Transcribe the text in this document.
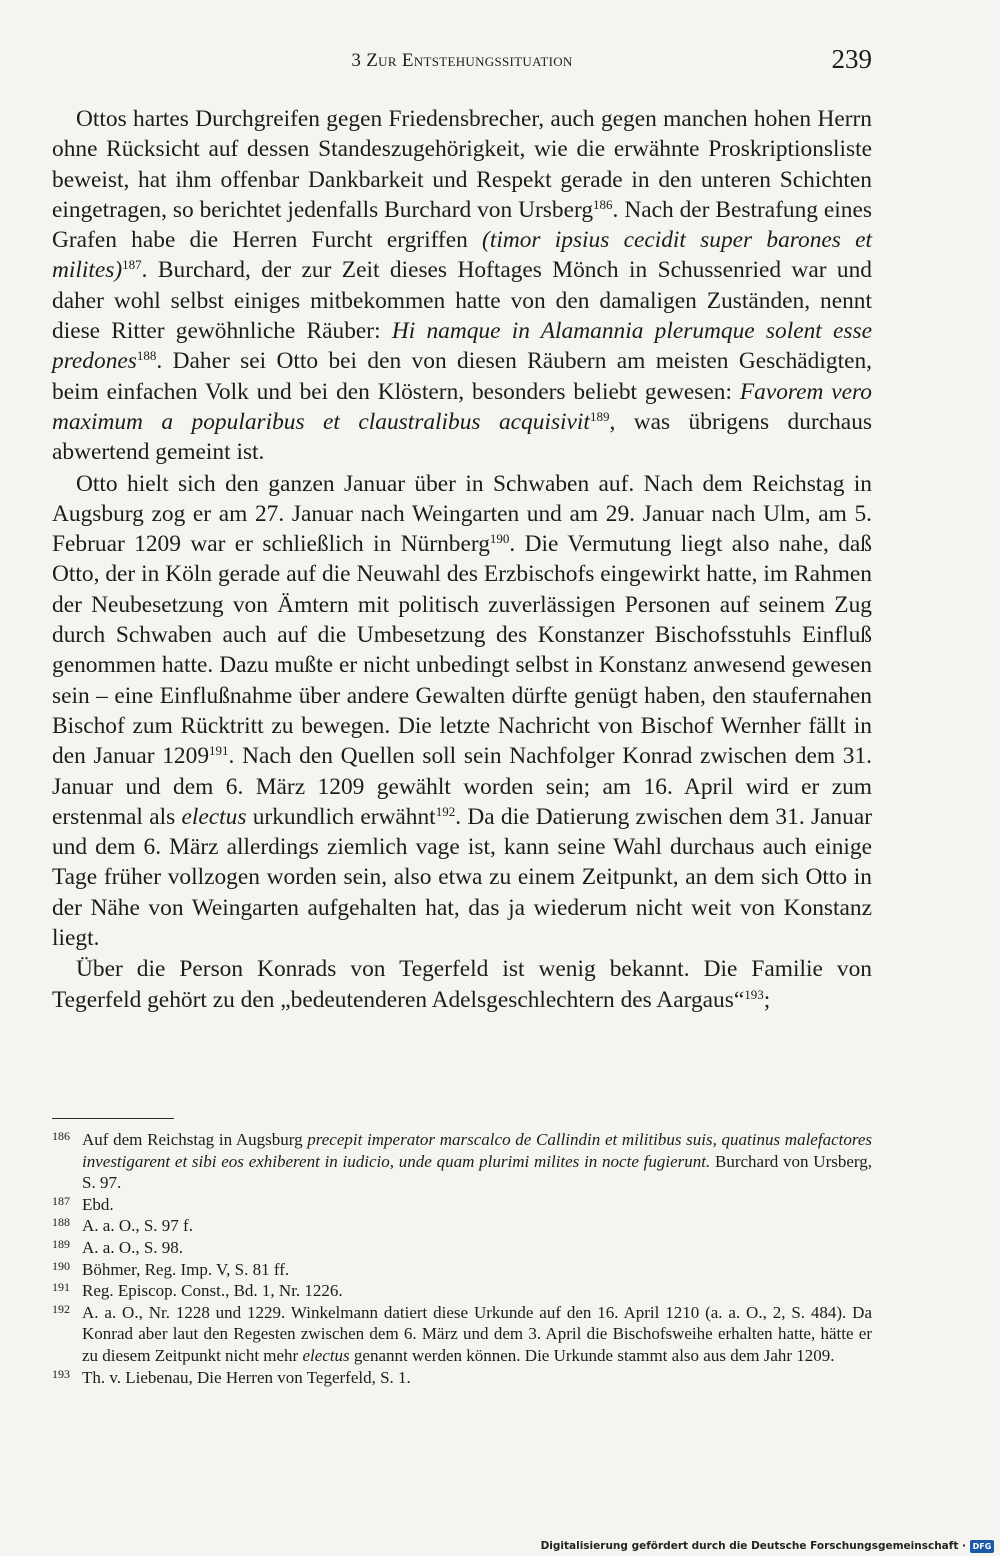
3 Zur Entstehungssituation	239

Ottos hartes Durchgreifen gegen Friedensbrecher, auch gegen manchen hohen Herrn ohne Rücksicht auf dessen Standeszugehörigkeit, wie die erwähnte Proskriptionsliste beweist, hat ihm offenbar Dankbarkeit und Respekt gerade in den unteren Schichten eingetragen, so berichtet jedenfalls Burchard von Ursberg$^{186}$. Nach der Bestrafung eines Grafen habe die Herren Furcht ergriffen (timor ipsius cecidit super barones et milites)$^{187}$. Burchard, der zur Zeit dieses Hoftages Mönch in Schussenried war und daher wohl selbst einiges mitbekommen hatte von den damaligen Zuständen, nennt diese Ritter gewöhnliche Räuber: Hi namque in Alamannia plerumque solent esse predones$^{188}$. Daher sei Otto bei den von diesen Räubern am meisten Geschädigten, beim einfachen Volk und bei den Klöstern, besonders beliebt gewesen: Favorem vero maximum a popularibus et claustralibus acquisivit$^{189}$, was übrigens durchaus abwertend gemeint ist.

Otto hielt sich den ganzen Januar über in Schwaben auf. Nach dem Reichstag in Augsburg zog er am 27. Januar nach Weingarten und am 29. Januar nach Ulm, am 5. Februar 1209 war er schließlich in Nürnberg$^{190}$. Die Vermutung liegt also nahe, daß Otto, der in Köln gerade auf die Neuwahl des Erzbischofs eingewirkt hatte, im Rahmen der Neubesetzung von Ämtern mit politisch zuverlässigen Personen auf seinem Zug durch Schwaben auch auf die Umbesetzung des Konstanzer Bischofsstuhls Einfluß genommen hatte. Dazu mußte er nicht unbedingt selbst in Konstanz anwesend gewesen sein – eine Einflußnahme über andere Gewalten dürfte genügt haben, den staufernahen Bischof zum Rücktritt zu bewegen. Die letzte Nachricht von Bischof Wernher fällt in den Januar 1209$^{191}$. Nach den Quellen soll sein Nachfolger Konrad zwischen dem 31. Januar und dem 6. März 1209 gewählt worden sein; am 16. April wird er zum erstenmal als electus urkundlich erwähnt$^{192}$. Da die Datierung zwischen dem 31. Januar und dem 6. März allerdings ziemlich vage ist, kann seine Wahl durchaus auch einige Tage früher vollzogen worden sein, also etwa zu einem Zeitpunkt, an dem sich Otto in der Nähe von Weingarten aufgehalten hat, das ja wiederum nicht weit von Konstanz liegt.

Über die Person Konrads von Tegerfeld ist wenig bekannt. Die Familie von Tegerfeld gehört zu den „bedeutenderen Adelsgeschlechtern des Aargaus“$^{193}$;

186 Auf dem Reichstag in Augsburg precepit imperator marscalco de Callindin et militibus suis, quatinus malefactores investigarent et sibi eos exhiberent in iudicio, unde quam plurimi milites in nocte fugierunt. Burchard von Ursberg, S. 97.
187 Ebd.
188 A. a. O., S. 97 f.
189 A. a. O., S. 98.
190 Böhmer, Reg. Imp. V, S. 81 ff.
191 Reg. Episcop. Const., Bd. 1, Nr. 1226.
192 A. a. O., Nr. 1228 und 1229. Winkelmann datiert diese Urkunde auf den 16. April 1210 (a. a. O., 2, S. 484). Da Konrad aber laut den Regesten zwischen dem 6. März und dem 3. April die Bischofsweihe erhalten hatte, hätte er zu diesem Zeitpunkt nicht mehr electus genannt werden können. Die Urkunde stammt also aus dem Jahr 1209.
193 Th. v. Liebenau, Die Herren von Tegerfeld, S. 1.
Digitalisierung gefördert durch die Deutsche Forschungsgemeinschaft · DFG
